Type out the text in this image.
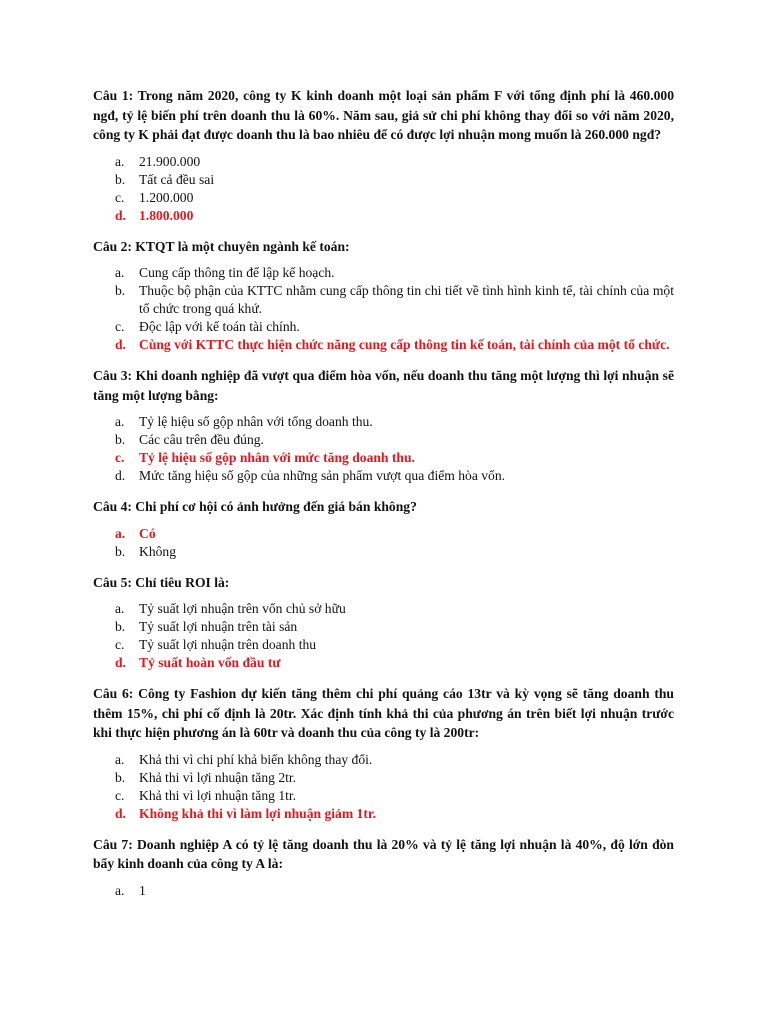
Câu 1: Trong năm 2020, công ty K kinh doanh một loại sản phẩm F với tổng định phí là 460.000 ngđ, tỷ lệ biến phí trên doanh thu là 60%. Năm sau, giả sử chi phí không thay đổi so với năm 2020, công ty K phải đạt được doanh thu là bao nhiêu để có được lợi nhuận mong muốn là 260.000 ngđ?

a.	21.900.000
b.	Tất cả đều sai
c.	1.200.000
d. 1.800.000

Câu 2: KTQT là một chuyên ngành kế toán:

a.	Cung cấp thông tin để lập kế hoạch.
b.	Thuộc bộ phận của KTTC nhằm cung cấp thông tin chi tiết về tình hình kinh tế, tài chính của một tổ chức trong quá khứ.
c.	Độc lập với kế toán tài chính.
d. Cùng với KTTC thực hiện chức năng cung cấp thông tin kế toán, tài chính của một tổ chức.

Câu 3: Khi doanh nghiệp đã vượt qua điểm hòa vốn, nếu doanh thu tăng một lượng thì lợi nhuận sẽ tăng một lượng bằng:

a.	Tỷ lệ hiệu số gộp nhân với tổng doanh thu.
b.	Các câu trên đều đúng.
c.	Tỷ lệ hiệu số gộp nhân với mức tăng doanh thu.
d.	Mức tăng hiệu số gộp của những sản phẩm vượt qua điểm hòa vốn.

Câu 4: Chi phí cơ hội có ảnh hưởng đến giá bán không?

a.	Có
b.	Không

Câu 5: Chỉ tiêu ROI là:

a.	Tỷ suất lợi nhuận trên vốn chủ sở hữu
b.	Tỷ suất lợi nhuận trên tài sản
c.	Tỷ suất lợi nhuận trên doanh thu
d. Tỷ suất hoàn vốn đầu tư

Câu 6: Công ty Fashion dự kiến tăng thêm chi phí quảng cáo 13tr và kỳ vọng sẽ tăng doanh thu thêm 15%, chi phí cố định là 20tr. Xác định tính khả thi của phương án trên biết lợi nhuận trước khi thực hiện phương án là 60tr và doanh thu của công ty là 200tr:

a.	Khả thi vì chi phí khả biến không thay đổi.
b.	Khả thi vì lợi nhuận tăng 2tr.
c.	Khả thi vì lợi nhuận tăng 1tr.
d. Không khả thi vì làm lợi nhuận giảm 1tr.

Câu 7: Doanh nghiệp A có tỷ lệ tăng doanh thu là 20% và tỷ lệ tăng lợi nhuận là 40%, độ lớn đòn bẩy kinh doanh của công ty A là:

a.	1
